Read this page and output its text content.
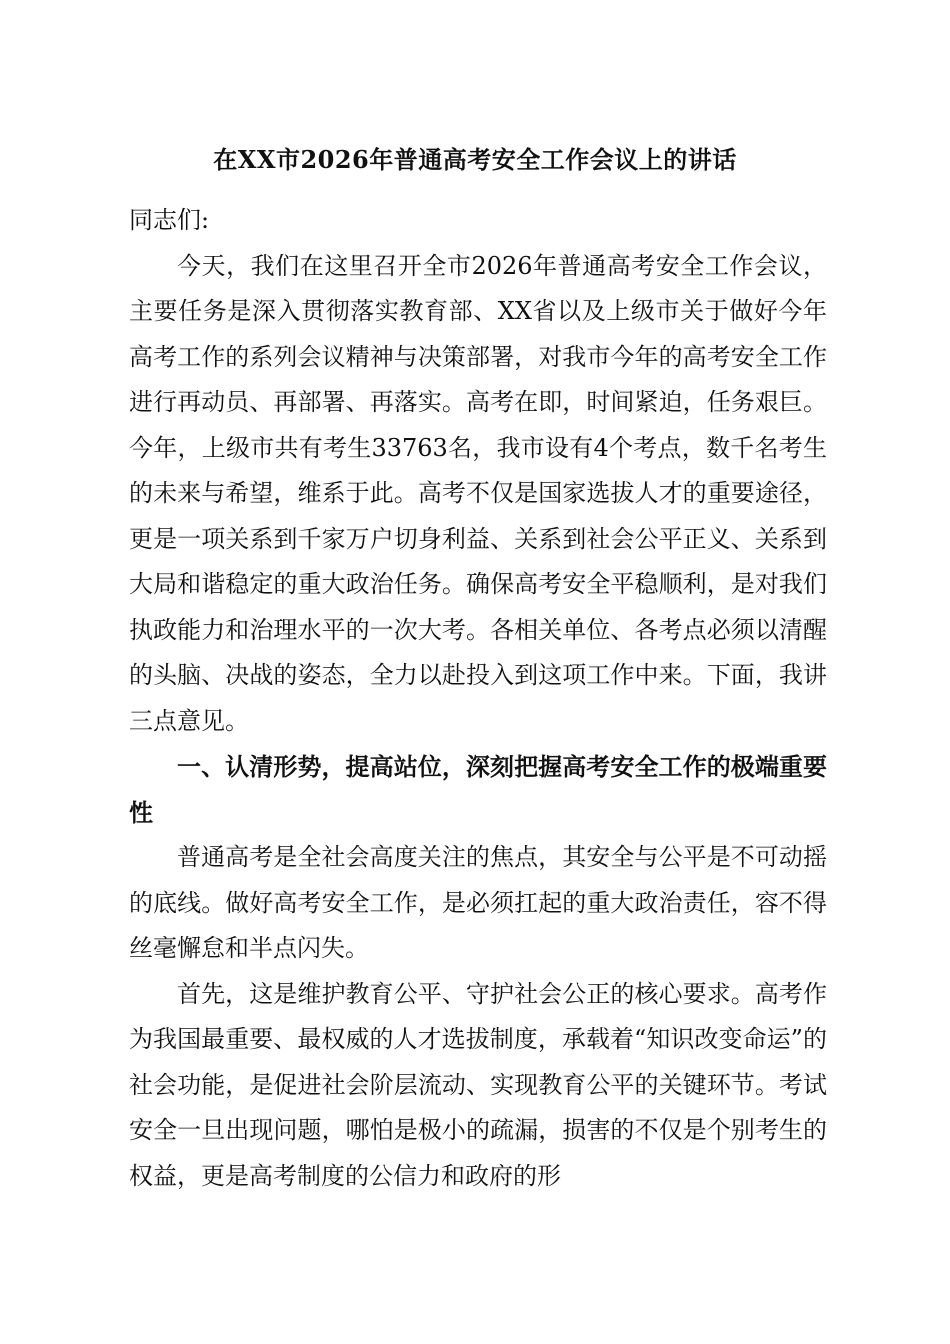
在XX市2026年普通高考安全工作会议上的讲话

同志们:

今天，我们在这里召开全市2026年普通高考安全工作会议，主要任务是深入贯彻落实教育部、XX省以及上级市关于做好今年高考工作的系列会议精神与决策部署，对我市今年的高考安全工作进行再动员、再部署、再落实。高考在即，时间紧迫，任务艰巨。今年，上级市共有考生33763名，我市设有4个考点，数千名考生的未来与希望，维系于此。高考不仅是国家选拔人才的重要途径，更是一项关系到千家万户切身利益、关系到社会公平正义、关系到大局和谐稳定的重大政治任务。确保高考安全平稳顺利，是对我们执政能力和治理水平的一次大考。各相关单位、各考点必须以清醒的头脑、决战的姿态，全力以赴投入到这项工作中来。下面，我讲三点意见。

一、认清形势，提高站位，深刻把握高考安全工作的极端重要性

普通高考是全社会高度关注的焦点，其安全与公平是不可动摇的底线。做好高考安全工作，是必须扛起的重大政治责任，容不得丝毫懈怠和半点闪失。

首先，这是维护教育公平、守护社会公正的核心要求。高考作为我国最重要、最权威的人才选拔制度，承载着“知识改变命运”的社会功能，是促进社会阶层流动、实现教育公平的关键环节。考试安全一旦出现问题，哪怕是极小的疏漏，损害的不仅是个别考生的权益，更是高考制度的公信力和政府的形
